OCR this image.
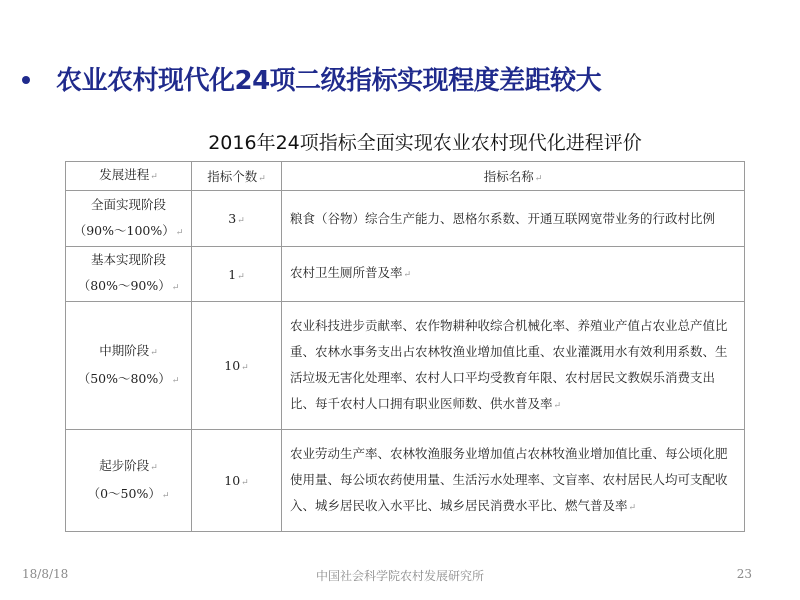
农业农村现代化24项二级指标实现程度差距较大
2016年24项指标全面实现农业农村现代化进程评价
发展进程↵	指标个数↵	指标名称↵

全面实现阶段
（90%～100%）↵	3↵	粮食（谷物）综合生产能力、恩格尔系数、开通互联网宽带业务的行政村比例

基本实现阶段
（80%～90%）↵	1↵	农村卫生厕所普及率↵

中期阶段↵
（50%～80%）↵	10↵	农业科技进步贡献率、农作物耕种收综合机械化率、养殖业产值占农业总产值比重、农林水事务支出占农林牧渔业增加值比重、农业灌溉用水有效利用系数、生活垃圾无害化处理率、农村人口平均受教育年限、农村居民文教娱乐消费支出比、每千农村人口拥有职业医师数、供水普及率↵

起步阶段↵
（0～50%）↵	10↵	农业劳动生产率、农林牧渔服务业增加值占农林牧渔业增加值比重、每公顷化肥使用量、每公顷农药使用量、生活污水处理率、文盲率、农村居民人均可支配收入、城乡居民收入水平比、城乡居民消费水平比、燃气普及率↵
18/8/18	中国社会科学院农村发展研究所	23
